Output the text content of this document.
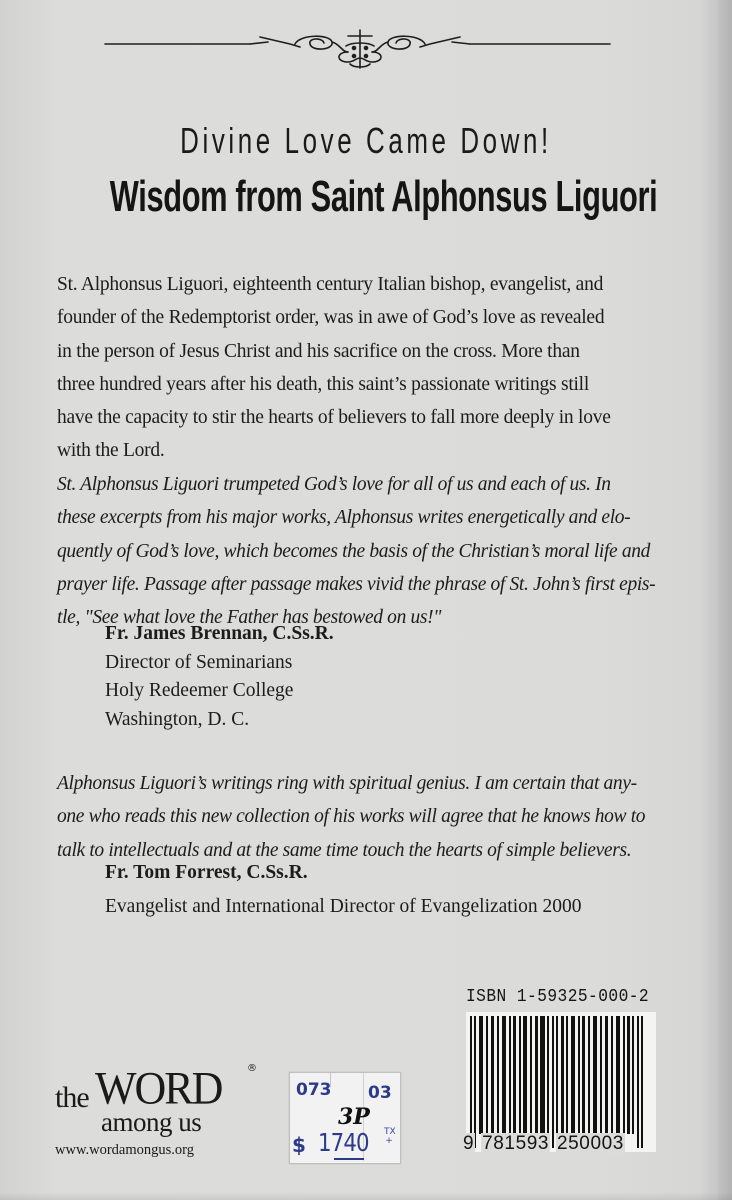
Divine Love Came Down!
Wisdom from Saint Alphonsus Liguori
St. Alphonsus Liguori, eighteenth century Italian bishop, evangelist, and
founder of the Redemptorist order, was in awe of God’s love as revealed
in the person of Jesus Christ and his sacrifice on the cross. More than
three hundred years after his death, this saint’s passionate writings still
have the capacity to stir the hearts of believers to fall more deeply in love
with the Lord.
St. Alphonsus Liguori trumpeted God’s love for all of us and each of us. In
these excerpts from his major works, Alphonsus writes energetically and elo-
quently of God’s love, which becomes the basis of the Christian’s moral life and
prayer life. Passage after passage makes vivid the phrase of St. John’s first epis-
tle, "See what love the Father has bestowed on us!"
Fr. James Brennan, C.Ss.R.
Director of Seminarians
Holy Redeemer College
Washington, D. C.
Alphonsus Liguori’s writings ring with spiritual genius. I am certain that any-
one who reads this new collection of his works will agree that he knows how to
talk to intellectuals and at the same time touch the hearts of simple believers.
Fr. Tom Forrest, C.Ss.R.
Evangelist and International Director of Evangelization 2000
the WORD	®
among us
www.wordamongus.org
073 03
3P
$ 1740 TX
+
ISBN 1-59325-000-2
9 781593 250003
